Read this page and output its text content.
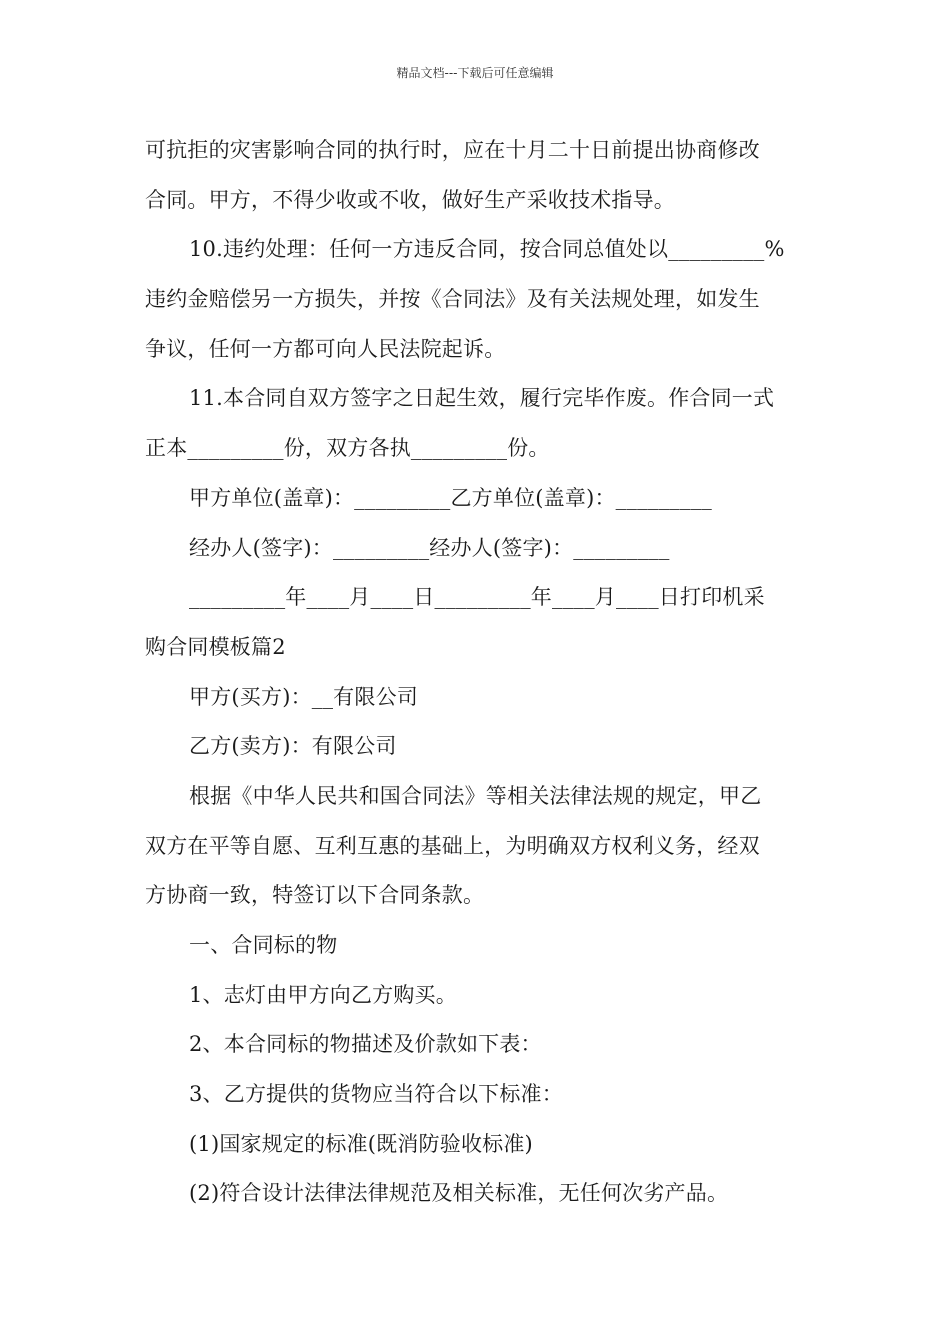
精品文档---下载后可任意编辑
可抗拒的灾害影响合同的执行时，应在十月二十日前提出协商修改
合同。甲方，不得少收或不收，做好生产采收技术指导。
10.违约处理：任何一方违反合同，按合同总值处以_________%
违约金赔偿另一方损失，并按《合同法》及有关法规处理，如发生
争议，任何一方都可向人民法院起诉。
11.本合同自双方签字之日起生效，履行完毕作废。作合同一式
正本_________份，双方各执_________份。
甲方单位(盖章)：_________乙方单位(盖章)：_________
经办人(签字)：_________经办人(签字)：_________
_________年____月____日_________年____月____日打印机采
购合同模板篇2
甲方(买方)：__有限公司
乙方(卖方)：有限公司
根据《中华人民共和国合同法》等相关法律法规的规定，甲乙
双方在平等自愿、互利互惠的基础上，为明确双方权利义务，经双
方协商一致，特签订以下合同条款。
一、合同标的物
1、志灯由甲方向乙方购买。
2、本合同标的物描述及价款如下表：
3、乙方提供的货物应当符合以下标准：
(1)国家规定的标准(既消防验收标准)
(2)符合设计法律法律规范及相关标准，无任何次劣产品。
